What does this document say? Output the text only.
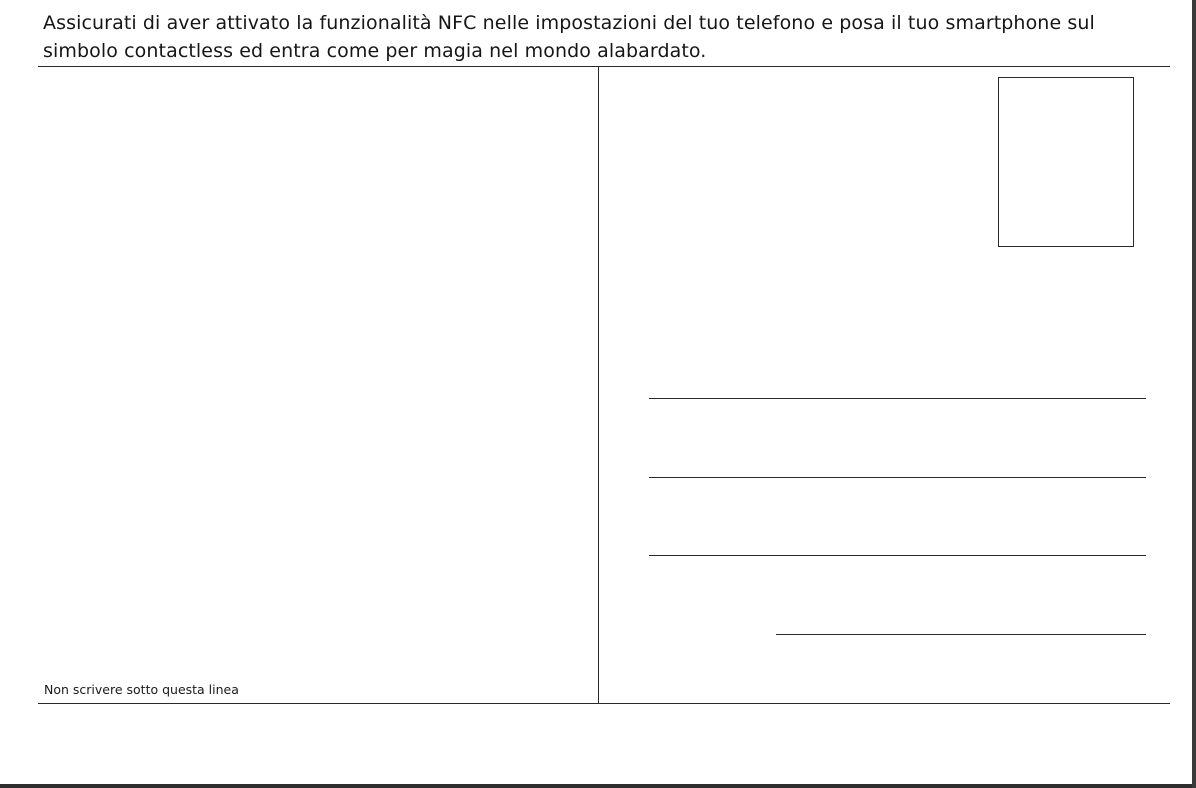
Assicurati di aver attivato la funzionalità NFC nelle impostazioni del tuo telefono e posa il tuo smartphone sul simbolo contactless ed entra come per magia nel mondo alabardato.

Non scrivere sotto questa linea
